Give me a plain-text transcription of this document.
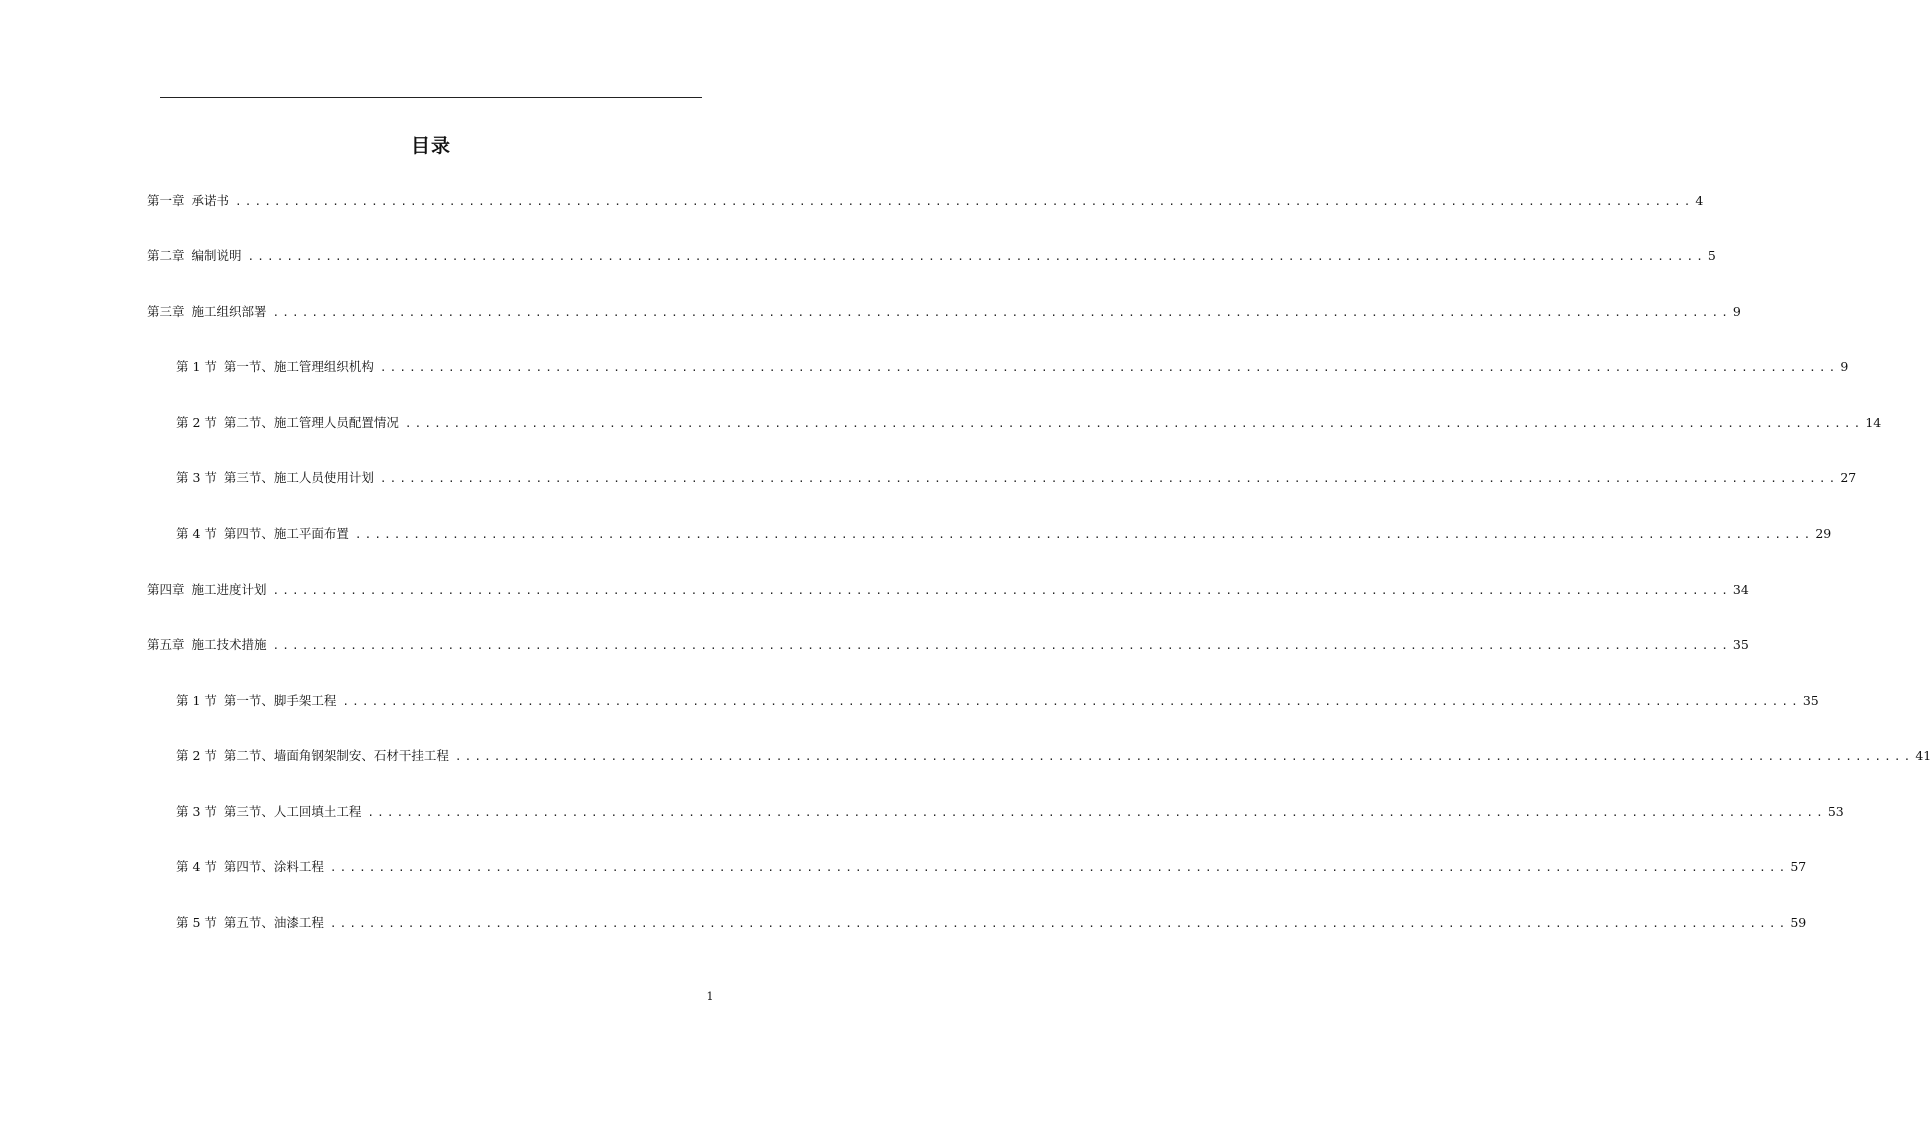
目录
第一章 承诺书 ...................................................................................................................................................... 4
第二章 编制说明 ...................................................................................................................................................... 5
第三章 施工组织部署 ...................................................................................................................................................... 9
第 1 节 第一节、施工管理组织机构 ...................................................................................................................................................... 9
第 2 节 第二节、施工管理人员配置情况 ...................................................................................................................................................... 14
第 3 节 第三节、施工人员使用计划 ...................................................................................................................................................... 27
第 4 节 第四节、施工平面布置 ...................................................................................................................................................... 29
第四章 施工进度计划 ...................................................................................................................................................... 34
第五章 施工技术措施 ...................................................................................................................................................... 35
第 1 节 第一节、脚手架工程 ...................................................................................................................................................... 35
第 2 节 第二节、墙面角钢架制安、石材干挂工程 ...................................................................................................................................................... 41
第 3 节 第三节、人工回填土工程 ...................................................................................................................................................... 53
第 4 节 第四节、涂料工程 ...................................................................................................................................................... 57
第 5 节 第五节、油漆工程 ...................................................................................................................................................... 59
1
